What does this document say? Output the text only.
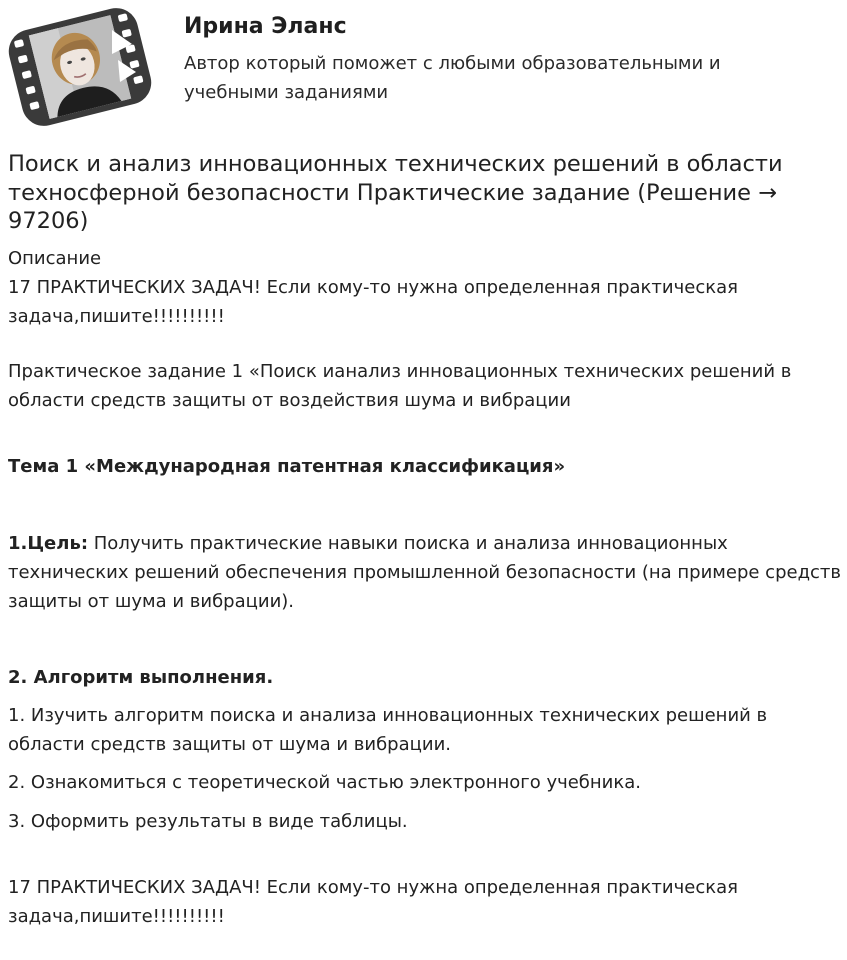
Ирина Эланс
Автор который поможет с любыми образовательными и учебными заданиями
Поиск и анализ инновационных технических решений в области техносферной безопасности Практические задание (Решение → 97206)

Описание

17 ПРАКТИЧЕСКИХ ЗАДАЧ! Если кому-то нужна определенная практическая задача,пишите!!!!!!!!!!

Практическое задание 1 «Поиск ианализ инновационных технических решений в области средств защиты от воздействия шума и вибрации

Тема 1 «Международная патентная классификация»

1.Цель: Получить практические навыки поиска и анализа инновационных технических решений обеспечения промышленной безопасности (на примере средств защиты от шума и вибрации).

2. Алгоритм выполнения.

1. Изучить алгоритм поиска и анализа инновационных технических решений в области средств защиты от шума и вибрации.

2. Ознакомиться с теоретической частью электронного учебника.

3. Оформить результаты в виде таблицы.

17 ПРАКТИЧЕСКИХ ЗАДАЧ! Если кому-то нужна определенная практическая задача,пишите!!!!!!!!!!
